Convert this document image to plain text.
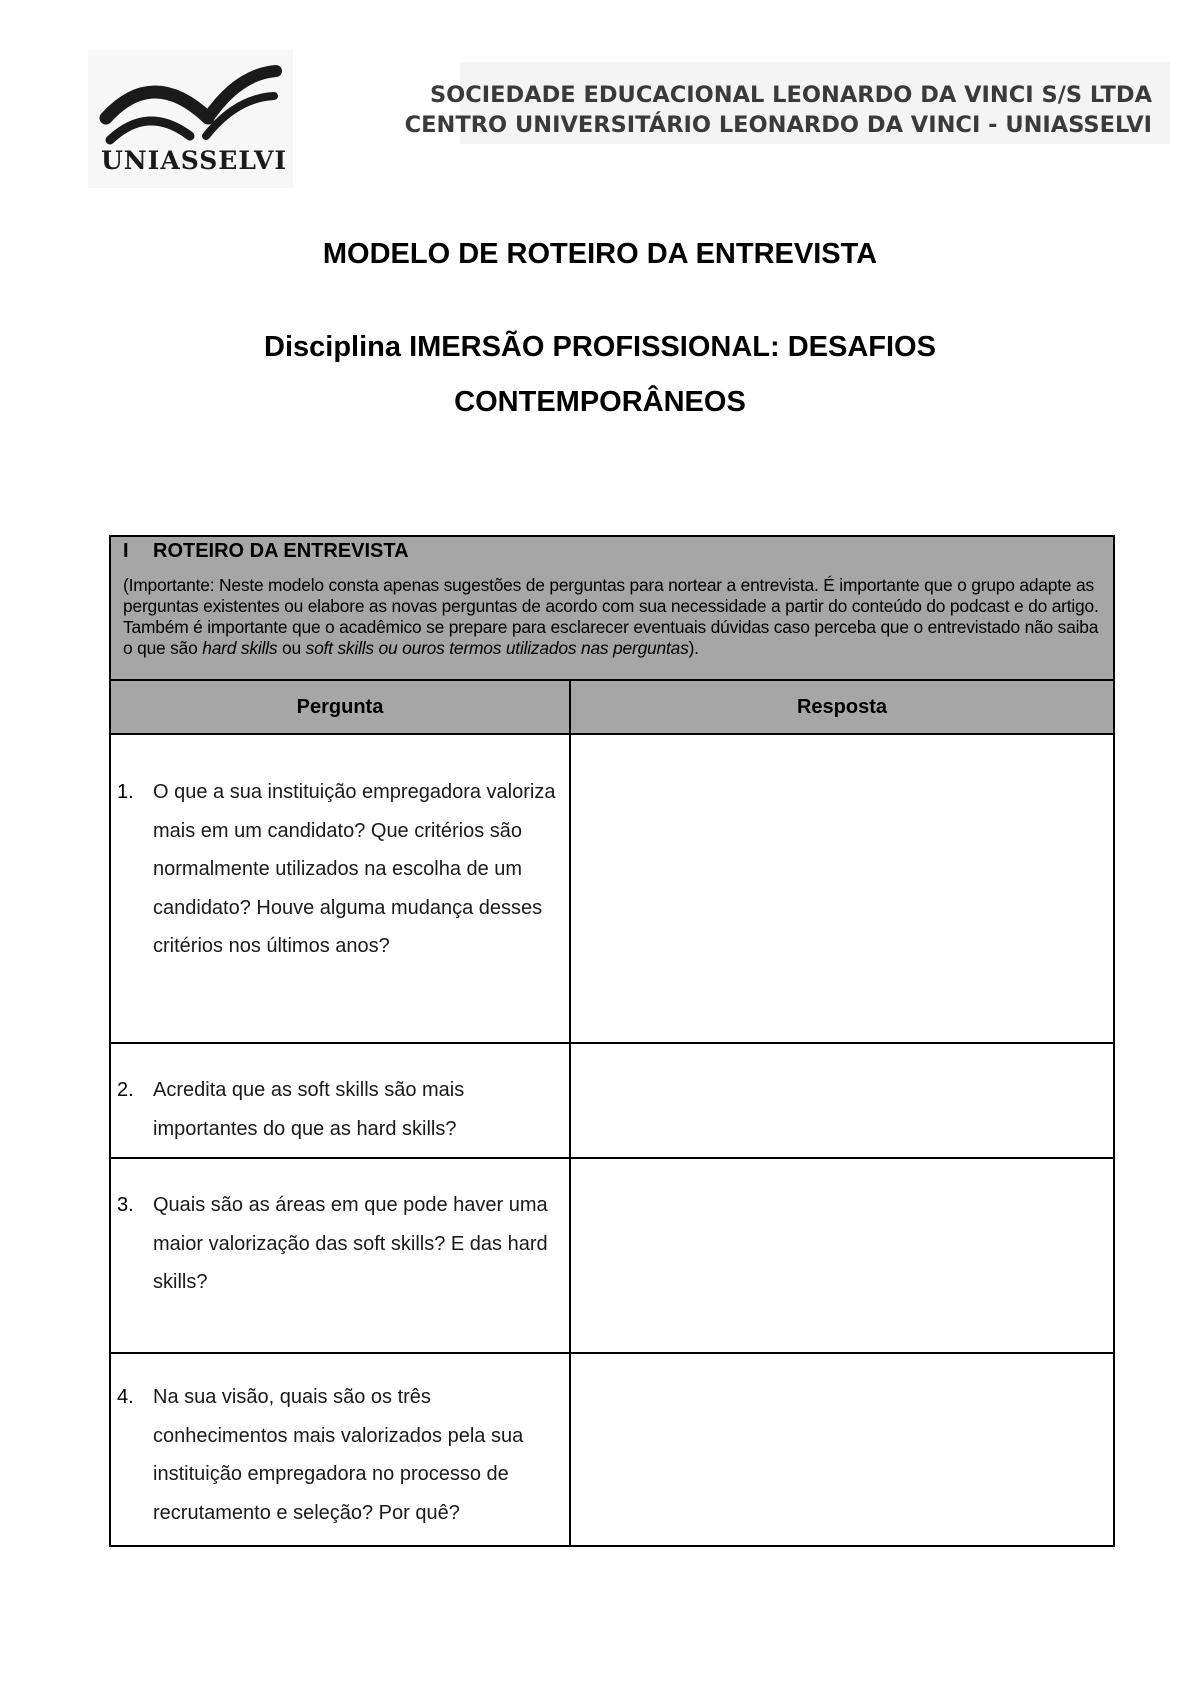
UNIASSELVI
SOCIEDADE EDUCACIONAL LEONARDO DA VINCI S/S LTDA
CENTRO UNIVERSITÁRIO LEONARDO DA VINCI - UNIASSELVI
MODELO DE ROTEIRO DA ENTREVISTA
Disciplina IMERSÃO PROFISSIONAL: DESAFIOS
CONTEMPORÂNEOS
I ROTEIRO DA ENTREVISTA
(Importante: Neste modelo consta apenas sugestões de perguntas para nortear a entrevista. É importante que o grupo adapte as perguntas existentes ou elabore as novas perguntas de acordo com sua necessidade a partir do conteúdo do podcast e do artigo. Também é importante que o acadêmico se prepare para esclarecer eventuais dúvidas caso perceba que o entrevistado não saiba o que são hard skills ou soft skills ou ouros termos utilizados nas perguntas).
Pergunta	Resposta
1. O que a sua instituição empregadora valoriza mais em um candidato? Que critérios são normalmente utilizados na escolha de um candidato? Houve alguma mudança desses critérios nos últimos anos?
2. Acredita que as soft skills são mais importantes do que as hard skills?
3. Quais são as áreas em que pode haver uma maior valorização das soft skills? E das hard skills?
4. Na sua visão, quais são os três conhecimentos mais valorizados pela sua instituição empregadora no processo de recrutamento e seleção? Por quê?
